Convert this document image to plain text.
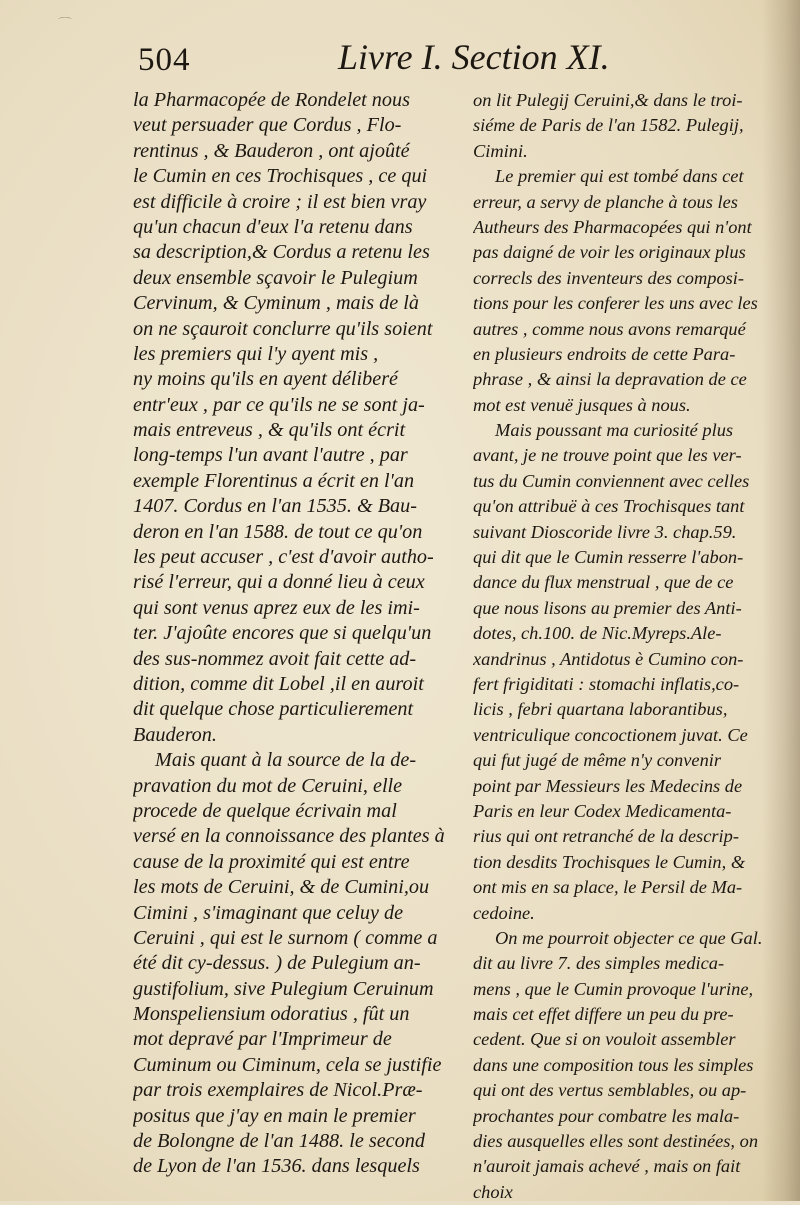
⌒
504	Livre I. Section XI.
la Pharmacopée de Rondelet nous
veut persuader que Cordus , Flo-
rentinus , & Bauderon , ont ajoûté
le Cumin en ces Trochisques , ce qui
est difficile à croire ; il est bien vray
qu'un chacun d'eux l'a retenu dans
sa description,& Cordus a retenu les
deux ensemble sçavoir le Pulegium
Cervinum, & Cyminum , mais de là
on ne sçauroit conclurre qu'ils soient
les premiers qui l'y ayent mis ,
ny moins qu'ils en ayent déliberé
entr'eux , par ce qu'ils ne se sont ja-
mais entreveus , & qu'ils ont écrit
long-temps l'un avant l'autre , par
exemple Florentinus a écrit en l'an
1407. Cordus en l'an 1535. & Bau-
deron en l'an 1588. de tout ce qu'on
les peut accuser , c'est d'avoir autho-
risé l'erreur, qui a donné lieu à ceux
qui sont venus aprez eux de les imi-
ter. J'ajoûte encores que si quelqu'un
des sus-nommez avoit fait cette ad-
dition, comme dit Lobel ,il en auroit
dit quelque chose particulierement
Bauderon.
Mais quant à la source de la de-
pravation du mot de Ceruini, elle
procede de quelque écrivain mal
versé en la connoissance des plantes à
cause de la proximité qui est entre
les mots de Ceruini, & de Cumini,ou
Cimini , s'imaginant que celuy de
Ceruini , qui est le surnom ( comme a
été dit cy-dessus. ) de Pulegium an-
gustifolium, sive Pulegium Ceruinum
Monspeliensium odoratius , fût un
mot depravé par l'Imprimeur de
Cuminum ou Ciminum, cela se justifie
par trois exemplaires de Nicol.Præ-
positus que j'ay en main le premier
de Bolongne de l'an 1488. le second
de Lyon de l'an 1536. dans lesquels
on lit Pulegij Ceruini,& dans le troi-
siéme de Paris de l'an 1582. Pulegij,
Cimini.
Le premier qui est tombé dans cet
erreur, a servy de planche à tous les
Autheurs des Pharmacopées qui n'ont
pas daigné de voir les originaux plus
correcls des inventeurs des composi-
tions pour les conferer les uns avec les
autres , comme nous avons remarqué
en plusieurs endroits de cette Para-
phrase , & ainsi la depravation de ce
mot est venuë jusques à nous.
Mais poussant ma curiosité plus
avant, je ne trouve point que les ver-
tus du Cumin conviennent avec celles
qu'on attribuë à ces Trochisques tant
suivant Dioscoride livre 3. chap.59.
qui dit que le Cumin resserre l'abon-
dance du flux menstrual , que de ce
que nous lisons au premier des Anti-
dotes, ch.100. de Nic.Myreps.Ale-
xandrinus , Antidotus è Cumino con-
fert frigiditati : stomachi inflatis,co-
licis , febri quartana laborantibus,
ventriculique concoctionem juvat. Ce
qui fut jugé de même n'y convenir
point par Messieurs les Medecins de
Paris en leur Codex Medicamenta-
rius qui ont retranché de la descrip-
tion desdits Trochisques le Cumin, &
ont mis en sa place, le Persil de Ma-
cedoine.
On me pourroit objecter ce que Gal.
dit au livre 7. des simples medica-
mens , que le Cumin provoque l'urine,
mais cet effet differe un peu du pre-
cedent. Que si on vouloit assembler
dans une composition tous les simples
qui ont des vertus semblables, ou ap-
prochantes pour combatre les mala-
dies ausquelles elles sont destinées, on
n'auroit jamais achevé , mais on fait
choix
